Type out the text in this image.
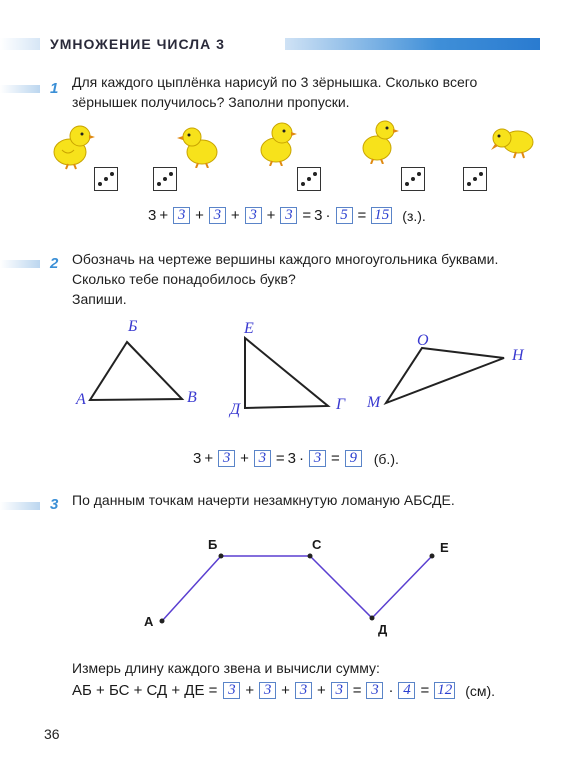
УМНОЖЕНИЕ ЧИСЛА 3
1 Для каждого цыплёнка нарисуй по 3 зёрнышка. Сколько всего
зёрнышек получилось? Заполни пропуски.
3 + 3 + 3 + 3 + 3 = 3 · 5 = 15 (з.).
2 Обозначь на чертеже вершины каждого многоугольника буквами.
Сколько тебе понадобилось букв?
Запиши.
Б
А	В
Е
Д	Г
О
Н
М
3 + 3 + 3 = 3 · 3 = 9	(б.).
3 По данным точкам начерти незамкнутую ломаную АБСДЕ.
А
Б	С
Д
Е
Измерь длину каждого звена и вычисли сумму:
АБ + БС + СД + ДЕ = 3 + 3 + 3 + 3 = 3 · 4 = 12 (см).
36
